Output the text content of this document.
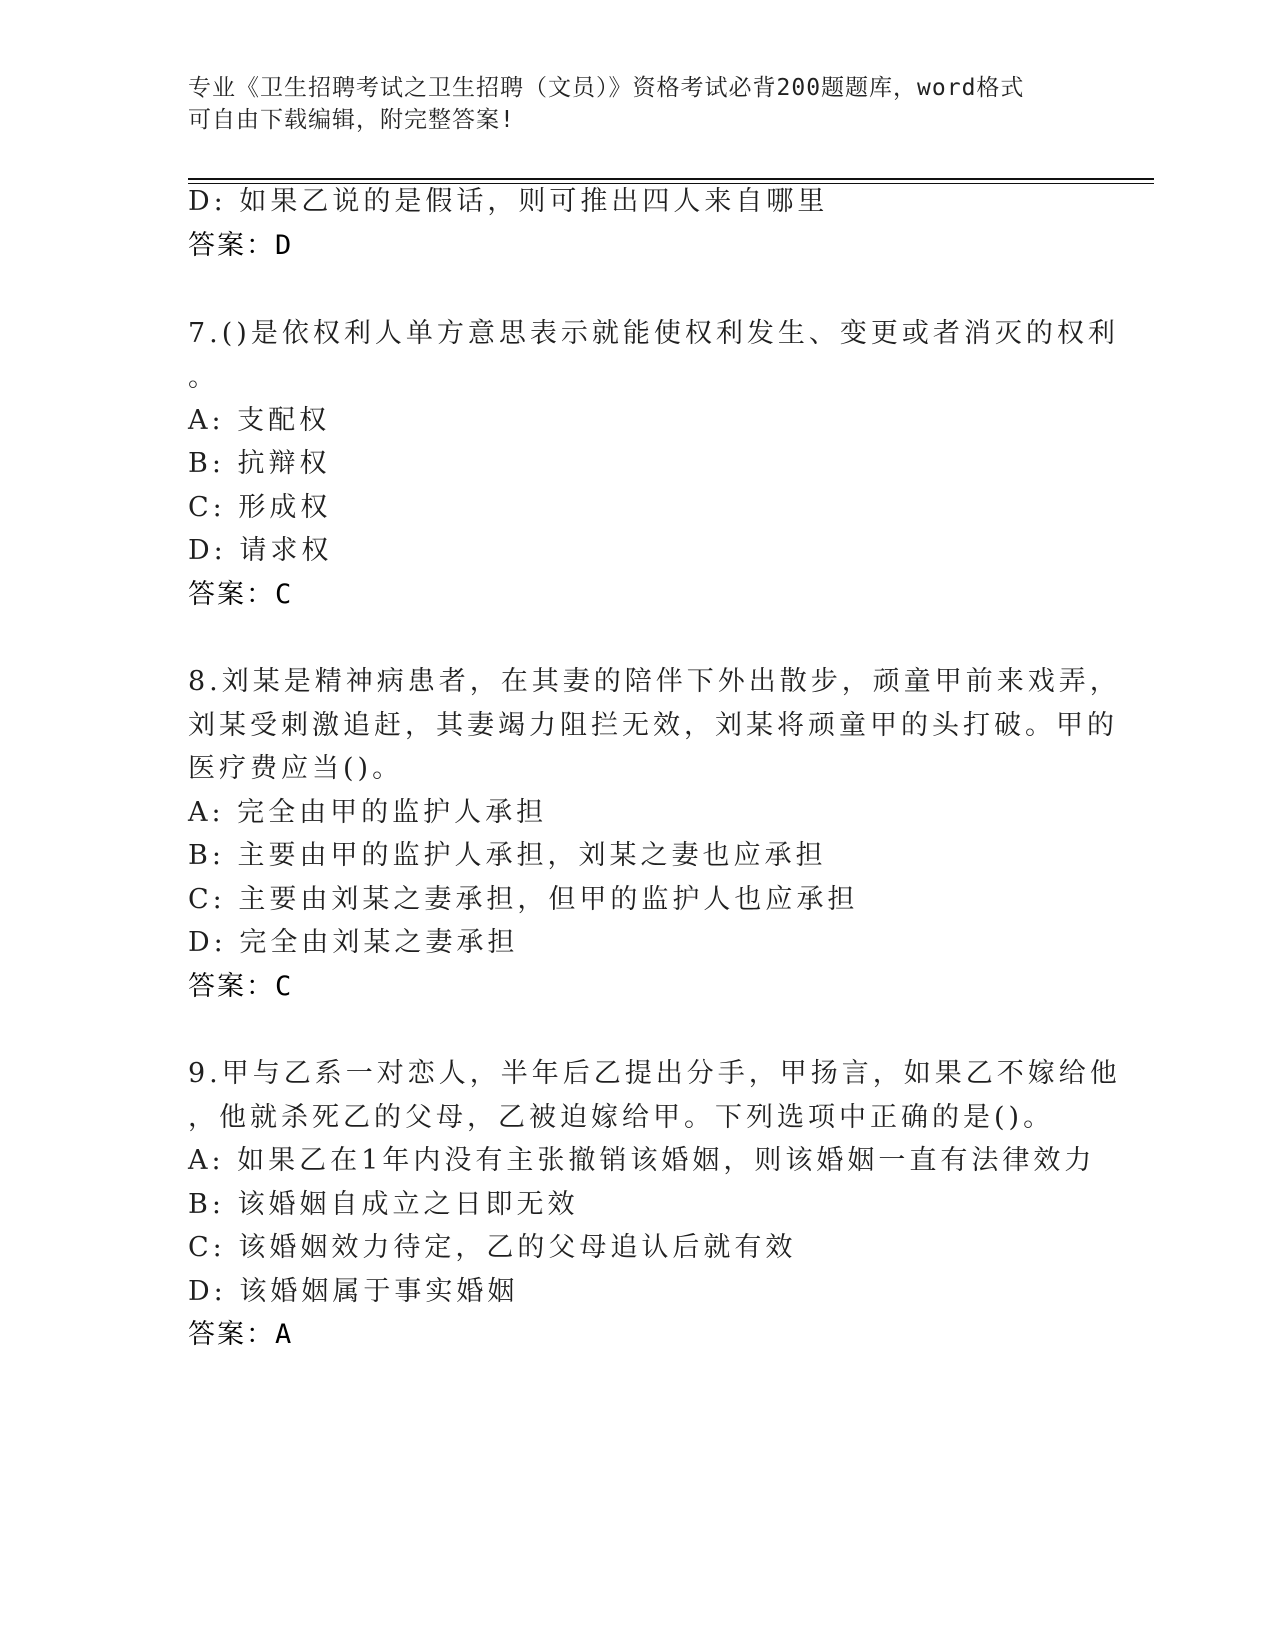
专业《卫生招聘考试之卫生招聘（文员）》资格考试必背200题题库，word格式
可自由下载编辑，附完整答案!
D: 如果乙说的是假话，则可推出四人来自哪里
答案：D
7.()是依权利人单方意思表示就能使权利发生、变更或者消灭的权利
。
A: 支配权
B: 抗辩权
C: 形成权
D: 请求权
答案：C
8.刘某是精神病患者，在其妻的陪伴下外出散步，顽童甲前来戏弄，
刘某受刺激追赶，其妻竭力阻拦无效，刘某将顽童甲的头打破。甲的
医疗费应当()。
A: 完全由甲的监护人承担
B: 主要由甲的监护人承担，刘某之妻也应承担
C: 主要由刘某之妻承担，但甲的监护人也应承担
D: 完全由刘某之妻承担
答案：C
9.甲与乙系一对恋人，半年后乙提出分手，甲扬言，如果乙不嫁给他
，他就杀死乙的父母，乙被迫嫁给甲。下列选项中正确的是()。
A: 如果乙在1年内没有主张撤销该婚姻，则该婚姻一直有法律效力
B: 该婚姻自成立之日即无效
C: 该婚姻效力待定，乙的父母追认后就有效
D: 该婚姻属于事实婚姻
答案：A
